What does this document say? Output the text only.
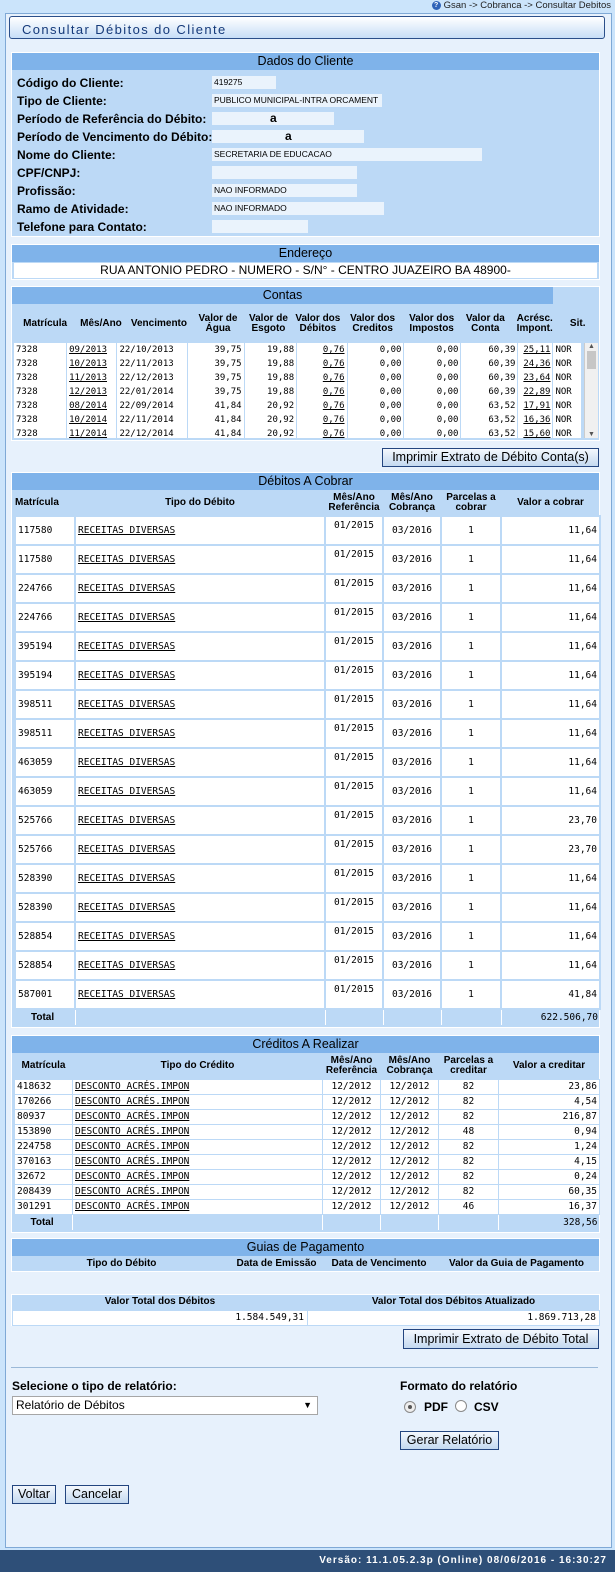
? Gsan -> Cobranca -> Consultar Debitos
Consultar Débitos do Cliente
Dados do Cliente
Código do Cliente:	419275
Tipo de Cliente:	PUBLICO MUNICIPAL-INTRA ORCAMENT
Período de Referência do Débito:	a
Período de Vencimento do Débito:	a
Nome do Cliente:	SECRETARIA DE EDUCACAO
CPF/CNPJ:
Profissão:	NAO INFORMADO
Ramo de Atividade:	NAO INFORMADO
Telefone para Contato:
Endereço
RUA ANTONIO PEDRO - NUMERO - S/N° - CENTRO JUAZEIRO BA 48900-
Contas
Matrícula	Mês/Ano	Vencimento	Valor de Água	Valor de Esgoto	Valor dos Débitos	Valor dos Creditos	Valor dos Impostos	Valor da Conta	Acrésc. Impont.	Sit.
7328	09/2013	22/10/2013	39,75	19,88	0,76	0,00	0,00	60,39	25,11	NOR
7328	10/2013	22/11/2013	39,75	19,88	0,76	0,00	0,00	60,39	24,36	NOR
7328	11/2013	22/12/2013	39,75	19,88	0,76	0,00	0,00	60,39	23,64	NOR
7328	12/2013	22/01/2014	39,75	19,88	0,76	0,00	0,00	60,39	22,89	NOR
7328	08/2014	22/09/2014	41,84	20,92	0,76	0,00	0,00	63,52	17,91	NOR
7328	10/2014	22/11/2014	41,84	20,92	0,76	0,00	0,00	63,52	16,36	NOR
7328	11/2014	22/12/2014	41,84	20,92	0,76	0,00	0,00	63,52	15,60	NOR
▲
▼
Imprimir Extrato de Débito Conta(s)
Débitos A Cobrar
Matrícula	Tipo do Débito	Mês/Ano Referência	Mês/Ano Cobrança	Parcelas a cobrar	Valor a cobrar
117580	RECEITAS DIVERSAS	01/2015	03/2016	1	11,64
117580	RECEITAS DIVERSAS	01/2015	03/2016	1	11,64
224766	RECEITAS DIVERSAS	01/2015	03/2016	1	11,64
224766	RECEITAS DIVERSAS	01/2015	03/2016	1	11,64
395194	RECEITAS DIVERSAS	01/2015	03/2016	1	11,64
395194	RECEITAS DIVERSAS	01/2015	03/2016	1	11,64
398511	RECEITAS DIVERSAS	01/2015	03/2016	1	11,64
398511	RECEITAS DIVERSAS	01/2015	03/2016	1	11,64
463059	RECEITAS DIVERSAS	01/2015	03/2016	1	11,64
463059	RECEITAS DIVERSAS	01/2015	03/2016	1	11,64
525766	RECEITAS DIVERSAS	01/2015	03/2016	1	23,70
525766	RECEITAS DIVERSAS	01/2015	03/2016	1	23,70
528390	RECEITAS DIVERSAS	01/2015	03/2016	1	11,64
528390	RECEITAS DIVERSAS	01/2015	03/2016	1	11,64
528854	RECEITAS DIVERSAS	01/2015	03/2016	1	11,64
528854	RECEITAS DIVERSAS	01/2015	03/2016	1	11,64
587001	RECEITAS DIVERSAS	01/2015	03/2016	1	41,84
Total					622.506,70
Créditos A Realizar
Matrícula	Tipo do Crédito	Mês/Ano Referência	Mês/Ano Cobrança	Parcelas a creditar	Valor a creditar
418632	DESCONTO ACRÉS.IMPON	12/2012	12/2012	82	23,86
170266	DESCONTO ACRÉS.IMPON	12/2012	12/2012	82	4,54
80937	DESCONTO ACRÉS.IMPON	12/2012	12/2012	82	216,87
153890	DESCONTO ACRÉS.IMPON	12/2012	12/2012	48	0,94
224758	DESCONTO ACRÉS.IMPON	12/2012	12/2012	82	1,24
370163	DESCONTO ACRÉS.IMPON	12/2012	12/2012	82	4,15
32672	DESCONTO ACRÉS.IMPON	12/2012	12/2012	82	0,24
208439	DESCONTO ACRÉS.IMPON	12/2012	12/2012	82	60,35
301291	DESCONTO ACRÉS.IMPON	12/2012	12/2012	46	16,37
Total					328,56
Guias de Pagamento
Tipo do Débito	Data de Emissão	Data de Vencimento	Valor da Guia de Pagamento
Valor Total dos Débitos	Valor Total dos Débitos Atualizado
1.584.549,31	1.869.713,28
Imprimir Extrato de Débito Total
Selecione o tipo de relatório:
Relatório de Débitos	▼
Formato do relatório
PDF CSV
Gerar Relatório
Voltar	Cancelar
Versão: 11.1.05.2.3p (Online) 08/06/2016 - 16:30:27
